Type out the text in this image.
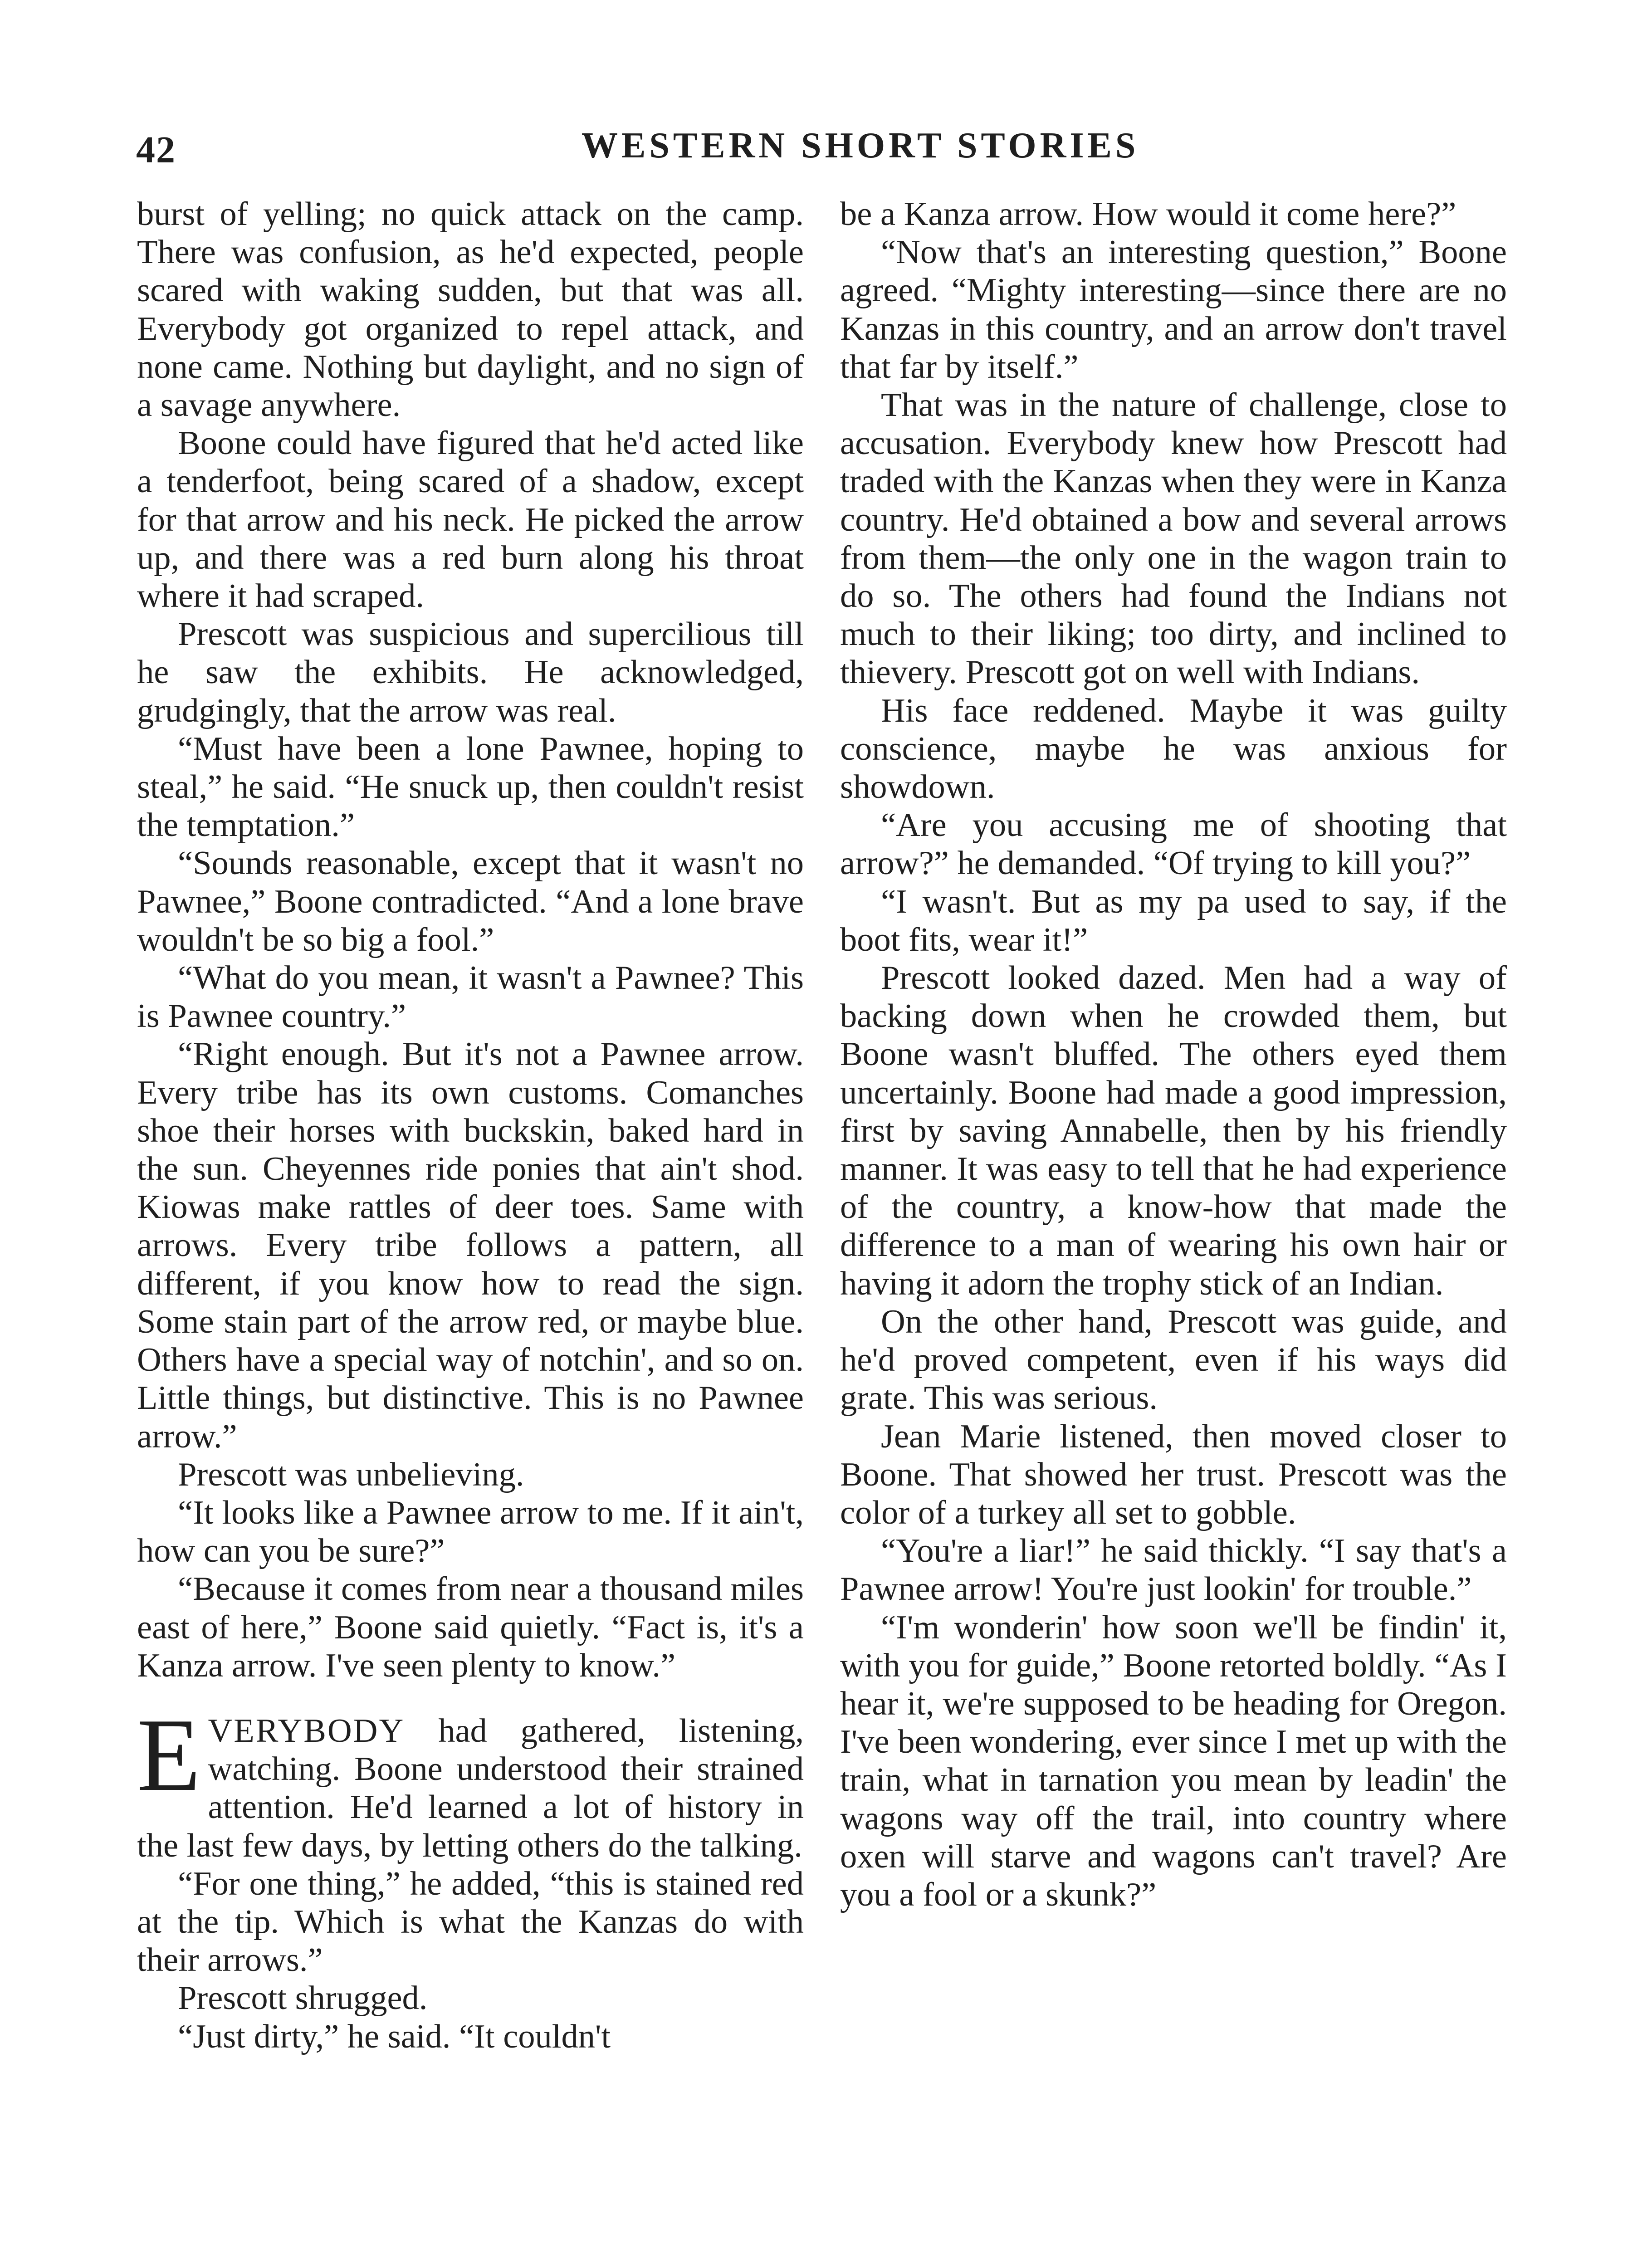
42	WESTERN SHORT STORIES

burst of yelling; no quick attack on the camp. There was confusion, as he'd expected, people scared with waking sudden, but that was all. Everybody got organized to repel attack, and none came. Nothing but daylight, and no sign of a savage anywhere.

Boone could have figured that he'd acted like a tenderfoot, being scared of a shadow, except for that arrow and his neck. He picked the arrow up, and there was a red burn along his throat where it had scraped.

Prescott was suspicious and supercilious till he saw the exhibits. He acknowledged, grudgingly, that the arrow was real.

“Must have been a lone Pawnee, hoping to steal,” he said. “He snuck up, then couldn't resist the temptation.”

“Sounds reasonable, except that it wasn't no Pawnee,” Boone contradicted. “And a lone brave wouldn't be so big a fool.”

“What do you mean, it wasn't a Pawnee? This is Pawnee country.”

“Right enough. But it's not a Pawnee arrow. Every tribe has its own customs. Comanches shoe their horses with buckskin, baked hard in the sun. Cheyennes ride ponies that ain't shod. Kiowas make rattles of deer toes. Same with arrows. Every tribe follows a pattern, all different, if you know how to read the sign. Some stain part of the arrow red, or maybe blue. Others have a special way of notchin', and so on. Little things, but distinctive. This is no Pawnee arrow.”

Prescott was unbelieving.

“It looks like a Pawnee arrow to me. If it ain't, how can you be sure?”

“Because it comes from near a thousand miles east of here,” Boone said quietly. “Fact is, it's a Kanza arrow. I've seen plenty to know.”

EVERYBODY had gathered, listening, watching. Boone understood their strained attention. He'd learned a lot of history in the last few days, by letting others do the talking.

“For one thing,” he added, “this is stained red at the tip. Which is what the Kanzas do with their arrows.”

Prescott shrugged.

“Just dirty,” he said. “It couldn't

be a Kanza arrow. How would it come here?”

“Now that's an interesting question,” Boone agreed. “Mighty interesting—since there are no Kanzas in this country, and an arrow don't travel that far by itself.”

That was in the nature of challenge, close to accusation. Everybody knew how Prescott had traded with the Kanzas when they were in Kanza country. He'd obtained a bow and several arrows from them—the only one in the wagon train to do so. The others had found the Indians not much to their liking; too dirty, and inclined to thievery. Prescott got on well with Indians.

His face reddened. Maybe it was guilty conscience, maybe he was anxious for showdown.

“Are you accusing me of shooting that arrow?” he demanded. “Of trying to kill you?”

“I wasn't. But as my pa used to say, if the boot fits, wear it!”

Prescott looked dazed. Men had a way of backing down when he crowded them, but Boone wasn't bluffed. The others eyed them uncertainly. Boone had made a good impression, first by saving Annabelle, then by his friendly manner. It was easy to tell that he had experience of the country, a know-how that made the difference to a man of wearing his own hair or having it adorn the trophy stick of an Indian.

On the other hand, Prescott was guide, and he'd proved competent, even if his ways did grate. This was serious.

Jean Marie listened, then moved closer to Boone. That showed her trust. Prescott was the color of a turkey all set to gobble.

“You're a liar!” he said thickly. “I say that's a Pawnee arrow! You're just lookin' for trouble.”

“I'm wonderin' how soon we'll be findin' it, with you for guide,” Boone retorted boldly. “As I hear it, we're supposed to be heading for Oregon. I've been wondering, ever since I met up with the train, what in tarnation you mean by leadin' the wagons way off the trail, into country where oxen will starve and wagons can't travel? Are you a fool or a skunk?”
